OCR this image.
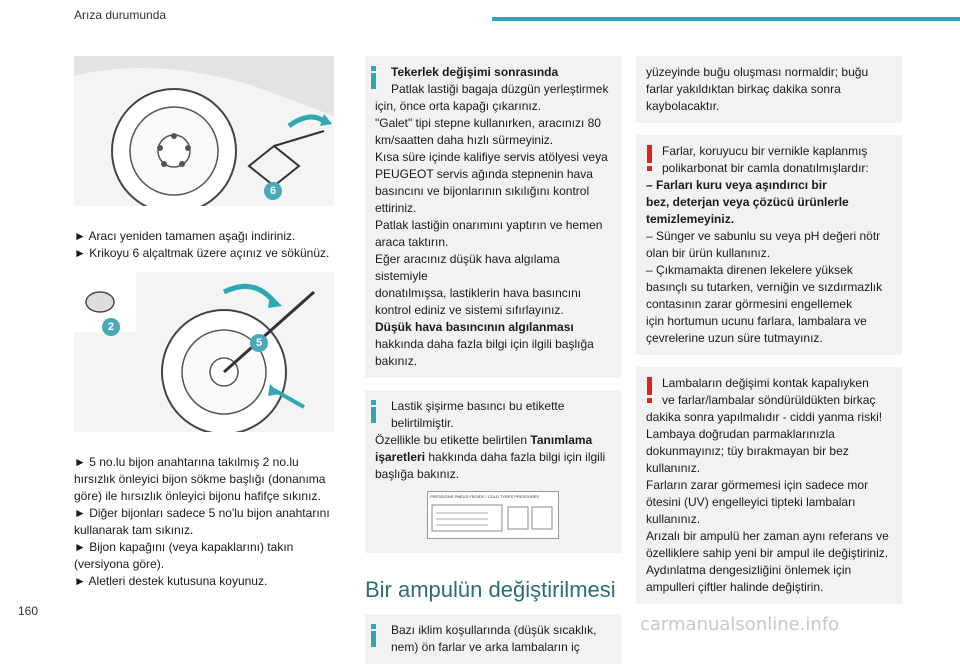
Arıza durumunda
6

► Aracı yeniden tamamen aşağı indiriniz.

► Krikoyu 6 alçaltmak üzere açınız ve sökünüz.

2
5

► 5 no.lu bijon anahtarına takılmış 2 no.lu

hırsızlık önleyici bijon sökme başlığı (donanıma

göre) ile hırsızlık önleyici bijonu hafifçe sıkınız.

► Diğer bijonları sadece 5 no'lu bijon anahtarını

kullanarak tam sıkınız.

► Bijon kapağını (veya kapaklarını) takın

(versiyona göre).

► Aletleri destek kutusuna koyunuz.

Tekerlek değişimi sonrasında

Patlak lastiği bagaja düzgün yerleştirmek

için, önce orta kapağı çıkarınız.

"Galet" tipi stepne kullanırken, aracınızı 80

km/saatten daha hızlı sürmeyiniz.

Kısa süre içinde kalifiye servis atölyesi veya

PEUGEOT servis ağında stepnenin hava

basıncını ve bijonlarının sıkılığını kontrol

ettiriniz.

Patlak lastiğin onarımını yaptırın ve hemen

araca taktırın.

Eğer aracınız düşük hava algılama sistemiyle

donatılmışsa, lastiklerin hava basıncını

kontrol ediniz ve sistemi sıfırlayınız.

Düşük hava basıncının algılanması

hakkında daha fazla bilgi için ilgili başlığa

bakınız.

Lastik şişirme basıncı bu etikette

belirtilmiştir.

Özellikle bu etikette belirtilen Tanımlama

işaretleri hakkında daha fazla bilgi için ilgili

başlığa bakınız.

PRESSIONS PNEUS FROIDS / COLD TYRES PRESSURES
Bir ampulün değiştirilmesi

Bazı iklim koşullarında (düşük sıcaklık,

nem) ön farlar ve arka lambaların iç

yüzeyinde buğu oluşması normaldir; buğu

farlar yakıldıktan birkaç dakika sonra

kaybolacaktır.

Farlar, koruyucu bir vernikle kaplanmış

polikarbonat bir camla donatılmışlardır:

– Farları kuru veya aşındırıcı bir

bez, deterjan veya çözücü ürünlerle

temizlemeyiniz.

– Sünger ve sabunlu su veya pH değeri nötr

olan bir ürün kullanınız.

– Çıkmamakta direnen lekelere yüksek

basınçlı su tutarken, verniğin ve sızdırmazlık

contasının zarar görmesini engellemek

için hortumun ucunu farlara, lambalara ve

çevrelerine uzun süre tutmayınız.

Lambaların değişimi kontak kapalıyken

ve farlar/lambalar söndürüldükten birkaç

dakika sonra yapılmalıdır - ciddi yanma riski!

Lambaya doğrudan parmaklarınızla

dokunmayınız; tüy bırakmayan bir bez

kullanınız.

Farların zarar görmemesi için sadece mor

ötesini (UV) engelleyici tipteki lambaları

kullanınız.

Arızalı bir ampulü her zaman aynı referans ve

özelliklere sahip yeni bir ampul ile değiştiriniz.

Aydınlatma dengesizliğini önlemek için

ampulleri çiftler halinde değiştirin.

160
carmanualsonline.info
